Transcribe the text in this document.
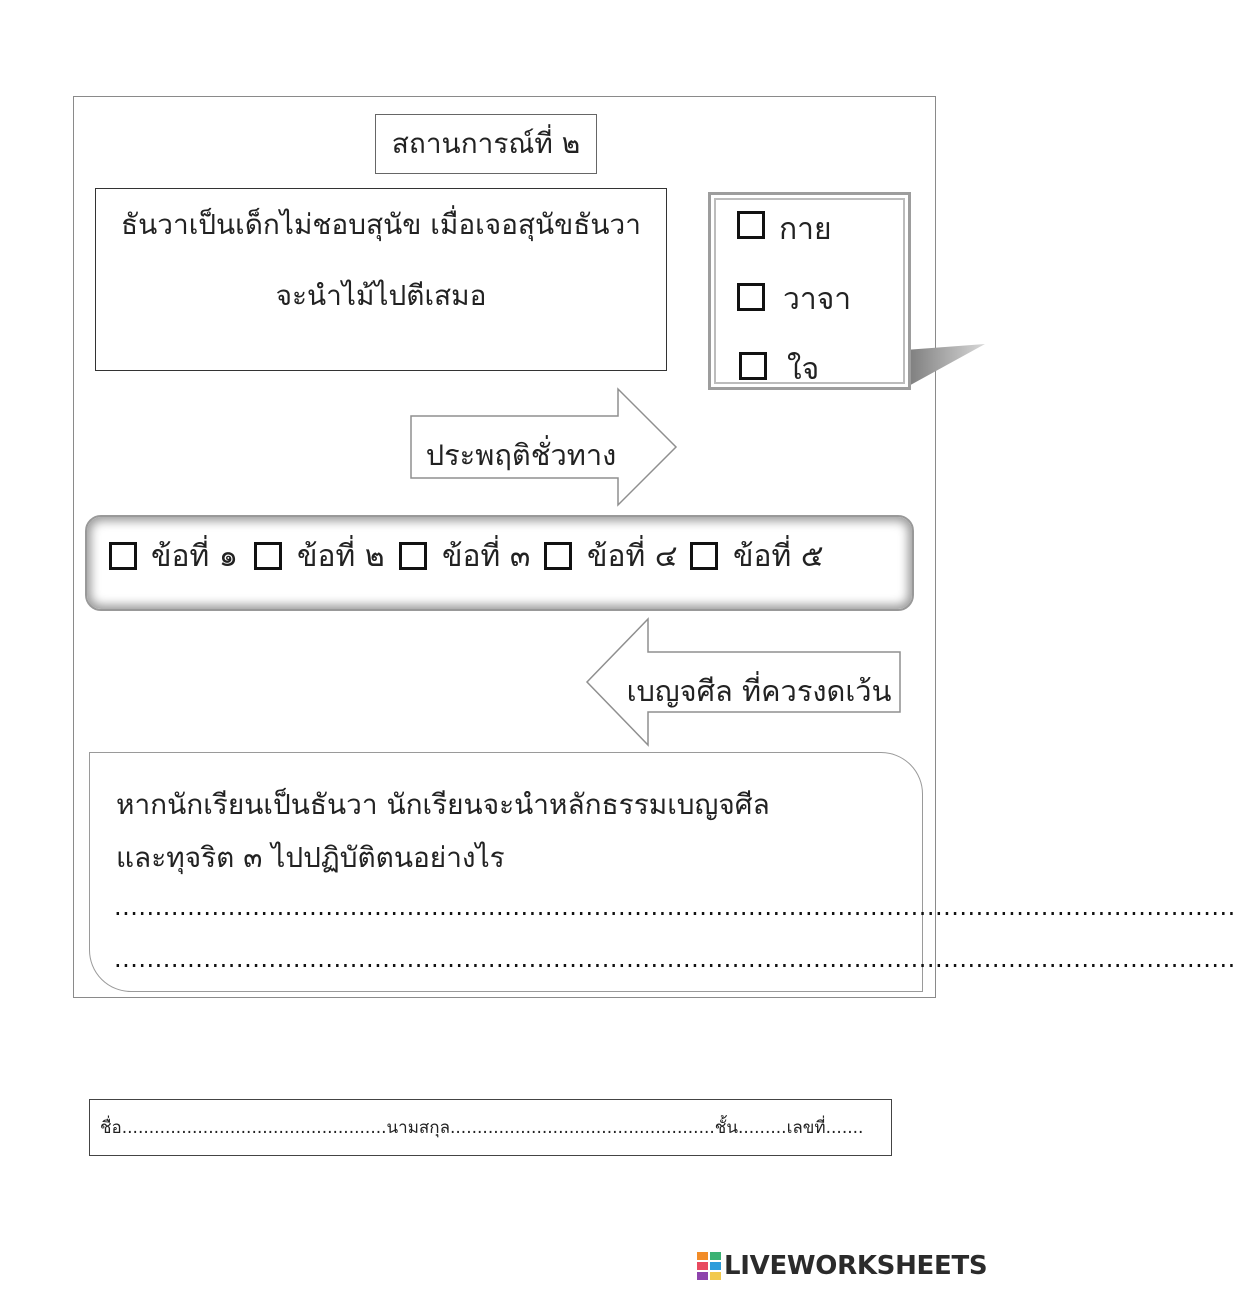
สถานการณ์ที่ ๒
ธันวาเป็นเด็กไม่ชอบสุนัข เมื่อเจอสุนัขธันวา
จะนำไม้ไปตีเสมอ
กาย
วาจา
ใจ
ประพฤติชั่วทาง
ข้อที่ ๑ ข้อที่ ๒ ข้อที่ ๓ ข้อที่ ๔ ข้อที่ ๕
เบญจศีล ที่ควรงดเว้น
หากนักเรียนเป็นธันวา นักเรียนจะนำหลักธรรมเบญจศีล
และทุจริต ๓ ไปปฏิบัติตนอย่างไร
..........................................................................................................................................
..........................................................................................................................................
ชื่อ.................................................นามสกุล.................................................ชั้น.........เลขที่.......
LIVEWORKSHEETS
